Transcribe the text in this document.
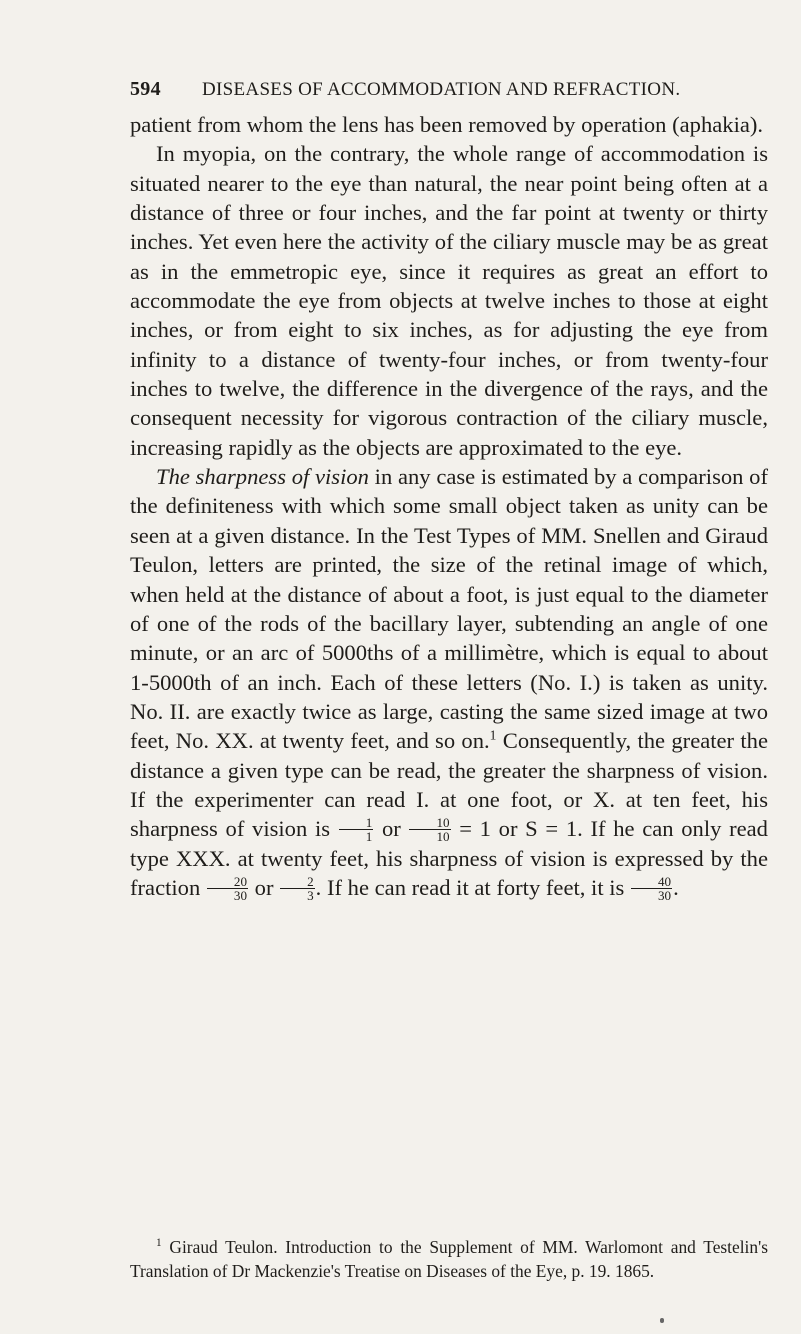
594 DISEASES OF ACCOMMODATION AND REFRACTION.

patient from whom the lens has been removed by operation (aphakia).

In myopia, on the contrary, the whole range of accommodation is situated nearer to the eye than natural, the near point being often at a distance of three or four inches, and the far point at twenty or thirty inches. Yet even here the activity of the ciliary muscle may be as great as in the emmetropic eye, since it requires as great an effort to accommodate the eye from objects at twelve inches to those at eight inches, or from eight to six inches, as for adjusting the eye from infinity to a distance of twenty-four inches, or from twenty-four inches to twelve, the difference in the divergence of the rays, and the consequent necessity for vigorous contraction of the ciliary muscle, increasing rapidly as the objects are approximated to the eye.

The sharpness of vision in any case is estimated by a comparison of the definiteness with which some small object taken as unity can be seen at a given distance. In the Test Types of MM. Snellen and Giraud Teulon, letters are printed, the size of the retinal image of which, when held at the distance of about a foot, is just equal to the diameter of one of the rods of the bacillary layer, subtending an angle of one minute, or an arc of 5000ths of a millimètre, which is equal to about 1-5000th of an inch. Each of these letters (No. I.) is taken as unity. No. II. are exactly twice as large, casting the same sized image at two feet, No. XX. at twenty feet, and so on.$^1$ Consequently, the greater the distance a given type can be read, the greater the sharpness of vision. If the experimenter can read I. at one foot, or X. at ten feet, his sharpness of vision is $\frac{1}{1}$ or $\frac{10}{10} = 1$ or S = 1. If he can only read type XXX. at twenty feet, his sharpness of vision is expressed by the fraction $\frac{20}{30}$ or $\frac{2}{3}$ . If he can read it at forty feet, it is $\frac{40}{30}$ .

$^1$ Giraud Teulon. Introduction to the Supplement of MM. Warlomont and Testelin's Translation of Dr Mackenzie's Treatise on Diseases of the Eye, p. 19. 1865.
